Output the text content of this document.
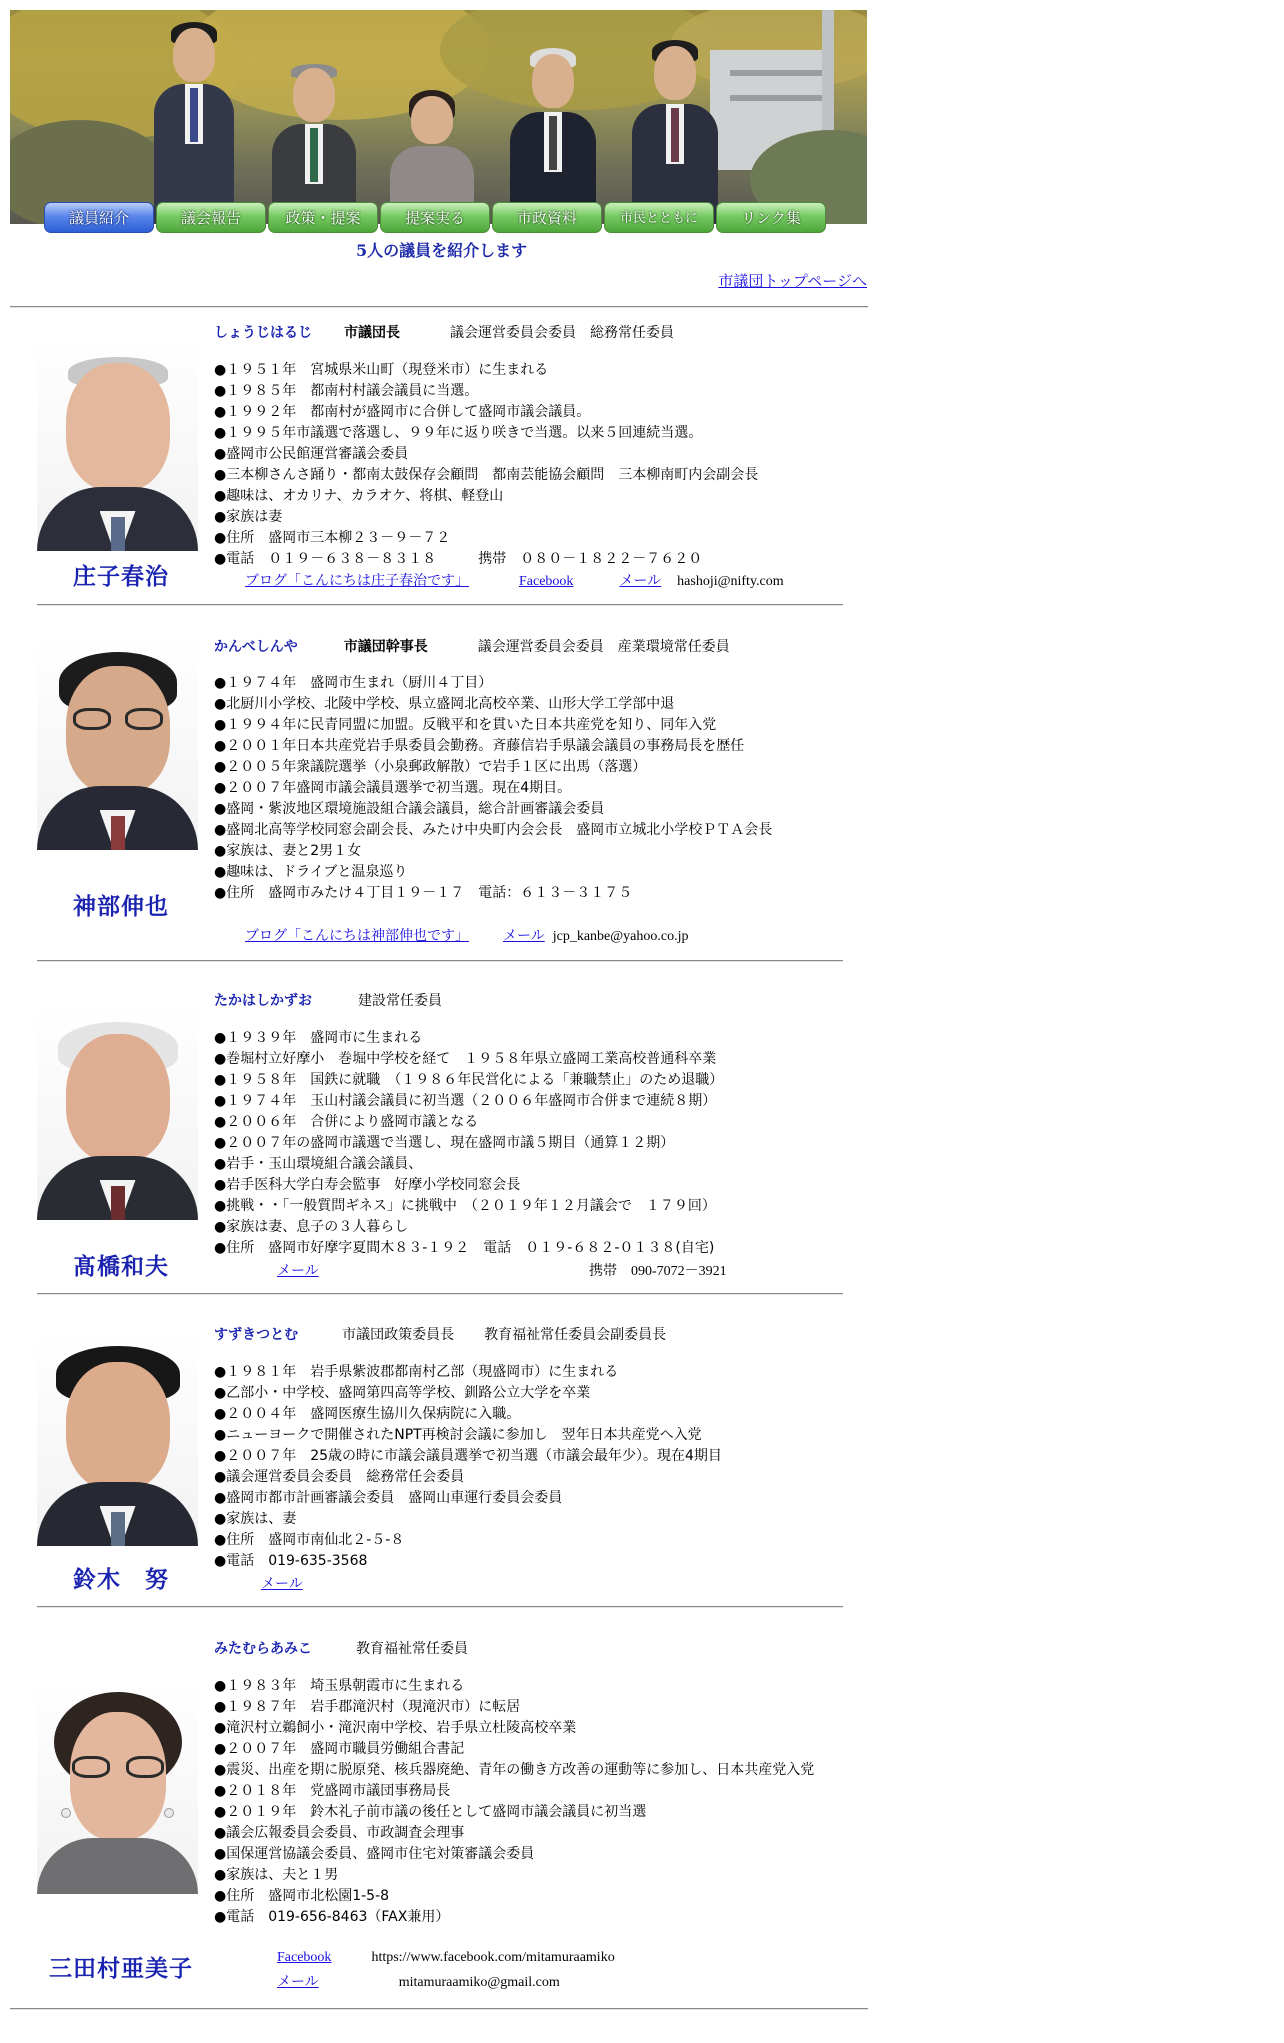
議員紹介	議会報告	政策・提案	提案実る	市政資料	市民とともに	リンク集
5人の議員を紹介します
市議団トップページへ
庄子春治
しょうじはるじ 市議団長	議会運営委員会委員　総務常任委員
●１９５１年　宮城県米山町（現登米市）に生まれる
●１９８５年　都南村村議会議員に当選。
●１９９２年　都南村が盛岡市に合併して盛岡市議会議員。
●１９９５年市議選で落選し、９９年に返り咲きで当選。以来５回連続当選。
●盛岡市公民館運営審議会委員
●三本柳さんさ踊り・都南太鼓保存会顧問　都南芸能協会顧問　三本柳南町内会副会長
●趣味は、オカリナ、カラオケ、将棋、軽登山
●家族は妻
●住所　盛岡市三本柳２３－９－７２
●電話　０１９－６３８－８３１８　　　携帯　０８０－１８２２－７６２０
ブログ「こんにちは庄子春治です」	Facebook	メール hashoji@nifty.com
神部伸也
かんべしんや	市議団幹事長	議会運営委員会委員　産業環境常任委員
●１９７４年　盛岡市生まれ（厨川４丁目）
●北厨川小学校、北陵中学校、県立盛岡北高校卒業、山形大学工学部中退
●１９９４年に民青同盟に加盟。反戦平和を貫いた日本共産党を知り、同年入党
●２００１年日本共産党岩手県委員会勤務。斉藤信岩手県議会議員の事務局長を歴任
●２００５年衆議院選挙（小泉郵政解散）で岩手１区に出馬（落選）
●２００７年盛岡市議会議員選挙で初当選。現在4期目。
●盛岡・紫波地区環境施設組合議会議員，総合計画審議会委員
●盛岡北高等学校同窓会副会長、みたけ中央町内会会長　盛岡市立城北小学校ＰＴＡ会長
●家族は、妻と2男１女
●趣味は、ドライブと温泉巡り
●住所　盛岡市みたけ４丁目１９－１７　電話：６１３－３１７５
ブログ「こんにちは神部伸也です」 メール jcp_kanbe@yahoo.co.jp
髙橋和夫
たかはしかずお	建設常任委員
●１９３９年　盛岡市に生まれる
●巻堀村立好摩小　巻堀中学校を経て　１９５８年県立盛岡工業高校普通科卒業
●１９５８年　国鉄に就職　（１９８６年民営化による「兼職禁止」のため退職）
●１９７４年　玉山村議会議員に初当選（２００６年盛岡市合併まで連続８期）
●２００６年　合併により盛岡市議となる
●２００７年の盛岡市議選で当選し、現在盛岡市議５期目（通算１２期）
●岩手・玉山環境組合議会議員、
●岩手医科大学白寿会監事　好摩小学校同窓会長
●挑戦・・「一般質問ギネス」に挑戦中　（２０１９年１２月議会で　１７９回）
●家族は妻、息子の３人暮らし
●住所　盛岡市好摩字夏間木８３-１９２　電話　０１９-６８２-０１３８(自宅)
メール	携帯　090-7072－3921
鈴木　努
すずきつとむ	市議団政策委員長 教育福祉常任委員会副委員長
●１９８１年　岩手県紫波郡都南村乙部（現盛岡市）に生まれる
●乙部小・中学校、盛岡第四高等学校、釧路公立大学を卒業
●２００４年　盛岡医療生協川久保病院に入職。
●ニューヨークで開催されたNPT再検討会議に参加し　翌年日本共産党へ入党
●２００７年　25歳の時に市議会議員選挙で初当選（市議会最年少）。現在4期目
●議会運営委員会委員　総務常任会委員
●盛岡市都市計画審議会委員　盛岡山車運行委員会委員
●家族は、妻
●住所　盛岡市南仙北２-５-８
●電話　019-635-3568
メール
三田村亜美子
みたむらあみこ	教育福祉常任委員
●１９８３年　埼玉県朝霞市に生まれる
●１９８７年　岩手郡滝沢村（現滝沢市）に転居
●滝沢村立鵜飼小・滝沢南中学校、岩手県立杜陵高校卒業
●２００７年　盛岡市職員労働組合書記
●震災、出産を期に脱原発、核兵器廃絶、青年の働き方改善の運動等に参加し、日本共産党入党
●２０１８年　党盛岡市議団事務局長
●２０１９年　鈴木礼子前市議の後任として盛岡市議会議員に初当選
●議会広報委員会委員、市政調査会理事
●国保運営協議会委員、盛岡市住宅対策審議会委員
●家族は、夫と１男
●住所　盛岡市北松園1-5-8
●電話　019-656-8463（FAX兼用）
Facebook	https://www.facebook.com/mitamuraamiko
メール	mitamuraamiko@gmail.com
